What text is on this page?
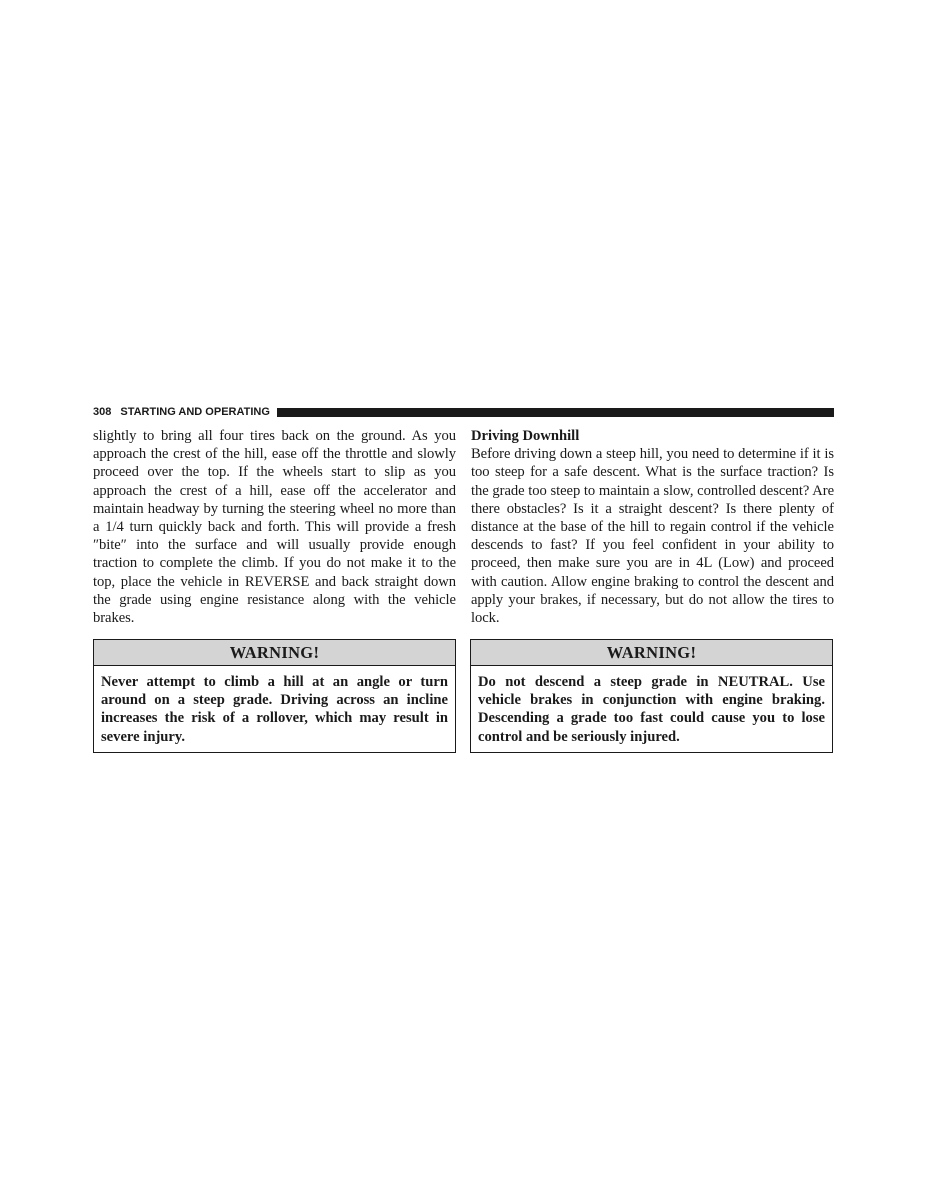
308 STARTING AND OPERATING

slightly to bring all four tires back on the ground. As you approach the crest of the hill, ease off the throttle and slowly proceed over the top. If the wheels start to slip as you approach the crest of a hill, ease off the accelerator and maintain headway by turning the steering wheel no more than a 1/4 turn quickly back and forth. This will provide a fresh ″bite″ into the surface and will usually provide enough traction to complete the climb. If you do not make it to the top, place the vehicle in REVERSE and back straight down the grade using engine resistance along with the vehicle brakes.

Driving Downhill

Before driving down a steep hill, you need to determine if it is too steep for a safe descent. What is the surface traction? Is the grade too steep to maintain a slow, controlled descent? Are there obstacles? Is it a straight descent? Is there plenty of distance at the base of the hill to regain control if the vehicle descends to fast? If you feel confident in your ability to proceed, then make sure you are in 4L (Low) and proceed with caution. Allow engine braking to control the descent and apply your brakes, if necessary, but do not allow the tires to lock.

WARNING!

Never attempt to climb a hill at an angle or turn around on a steep grade. Driving across an incline increases the risk of a rollover, which may result in severe injury.

WARNING!

Do not descend a steep grade in NEUTRAL. Use vehicle brakes in conjunction with engine braking. Descending a grade too fast could cause you to lose control and be seriously injured.
